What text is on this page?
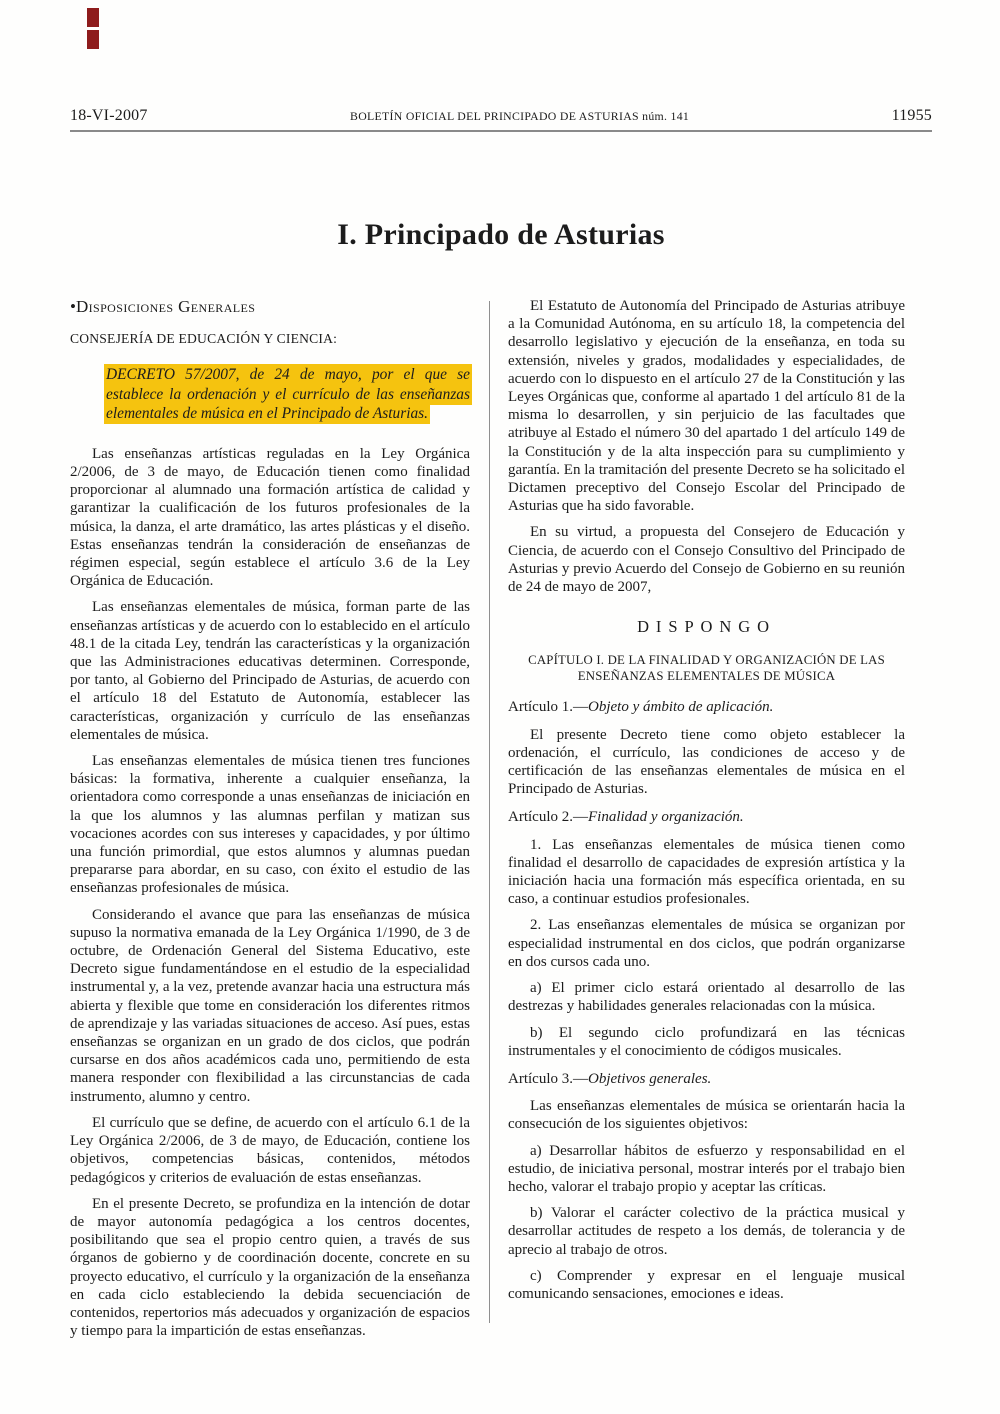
18-VI-2007	BOLETÍN OFICIAL DEL PRINCIPADO DE ASTURIAS núm. 141	11955
I. Principado de Asturias
•Disposiciones Generales
CONSEJERÍA DE EDUCACIÓN Y CIENCIA:
DECRETO 57/2007, de 24 de mayo, por el que se establece la ordenación y el currículo de las enseñanzas elementales de música en el Principado de Asturias.

Las enseñanzas artísticas reguladas en la Ley Orgánica 2/2006, de 3 de mayo, de Educación tienen como finalidad proporcionar al alumnado una formación artística de calidad y garantizar la cualificación de los futuros profesionales de la música, la danza, el arte dramático, las artes plásticas y el diseño. Estas enseñanzas tendrán la consideración de enseñanzas de régimen especial, según establece el artículo 3.6 de la Ley Orgánica de Educación.

Las enseñanzas elementales de música, forman parte de las enseñanzas artísticas y de acuerdo con lo establecido en el artículo 48.1 de la citada Ley, tendrán las características y la organización que las Administraciones educativas determinen. Corresponde, por tanto, al Gobierno del Principado de Asturias, de acuerdo con el artículo 18 del Estatuto de Autonomía, establecer las características, organización y currículo de las enseñanzas elementales de música.

Las enseñanzas elementales de música tienen tres funciones básicas: la formativa, inherente a cualquier enseñanza, la orientadora como corresponde a unas enseñanzas de iniciación en la que los alumnos y las alumnas perfilan y matizan sus vocaciones acordes con sus intereses y capacidades, y por último una función primordial, que estos alumnos y alumnas puedan prepararse para abordar, en su caso, con éxito el estudio de las enseñanzas profesionales de música.

Considerando el avance que para las enseñanzas de música supuso la normativa emanada de la Ley Orgánica 1/1990, de 3 de octubre, de Ordenación General del Sistema Educativo, este Decreto sigue fundamentándose en el estudio de la especialidad instrumental y, a la vez, pretende avanzar hacia una estructura más abierta y flexible que tome en consideración los diferentes ritmos de aprendizaje y las variadas situaciones de acceso. Así pues, estas enseñanzas se organizan en un grado de dos ciclos, que podrán cursarse en dos años académicos cada uno, permitiendo de esta manera responder con flexibilidad a las circunstancias de cada instrumento, alumno y centro.

El currículo que se define, de acuerdo con el artículo 6.1 de la Ley Orgánica 2/2006, de 3 de mayo, de Educación, contiene los objetivos, competencias básicas, contenidos, métodos pedagógicos y criterios de evaluación de estas enseñanzas.

En el presente Decreto, se profundiza en la intención de dotar de mayor autonomía pedagógica a los centros docentes, posibilitando que sea el propio centro quien, a través de sus órganos de gobierno y de coordinación docente, concrete en su proyecto educativo, el currículo y la organización de la enseñanza en cada ciclo estableciendo la debida secuenciación de contenidos, repertorios más adecuados y organización de espacios y tiempo para la impartición de estas enseñanzas.

El Estatuto de Autonomía del Principado de Asturias atribuye a la Comunidad Autónoma, en su artículo 18, la competencia del desarrollo legislativo y ejecución de la enseñanza, en toda su extensión, niveles y grados, modalidades y especialidades, de acuerdo con lo dispuesto en el artículo 27 de la Constitución y las Leyes Orgánicas que, conforme al apartado 1 del artículo 81 de la misma lo desarrollen, y sin perjuicio de las facultades que atribuye al Estado el número 30 del apartado 1 del artículo 149 de la Constitución y de la alta inspección para su cumplimiento y garantía. En la tramitación del presente Decreto se ha solicitado el Dictamen preceptivo del Consejo Escolar del Principado de Asturias que ha sido favorable.

En su virtud, a propuesta del Consejero de Educación y Ciencia, de acuerdo con el Consejo Consultivo del Principado de Asturias y previo Acuerdo del Consejo de Gobierno en su reunión de 24 de mayo de 2007,

DISPONGO

CAPÍTULO I. DE LA FINALIDAD Y ORGANIZACIÓN DE LAS ENSEÑANZAS ELEMENTALES DE MÚSICA

Artículo 1.—Objeto y ámbito de aplicación.

El presente Decreto tiene como objeto establecer la ordenación, el currículo, las condiciones de acceso y de certificación de las enseñanzas elementales de música en el Principado de Asturias.

Artículo 2.—Finalidad y organización.

1. Las enseñanzas elementales de música tienen como finalidad el desarrollo de capacidades de expresión artística y la iniciación hacia una formación más específica orientada, en su caso, a continuar estudios profesionales.

2. Las enseñanzas elementales de música se organizan por especialidad instrumental en dos ciclos, que podrán organizarse en dos cursos cada uno.

a) El primer ciclo estará orientado al desarrollo de las destrezas y habilidades generales relacionadas con la música.

b) El segundo ciclo profundizará en las técnicas instrumentales y el conocimiento de códigos musicales.

Artículo 3.—Objetivos generales.

Las enseñanzas elementales de música se orientarán hacia la consecución de los siguientes objetivos:

a) Desarrollar hábitos de esfuerzo y responsabilidad en el estudio, de iniciativa personal, mostrar interés por el trabajo bien hecho, valorar el trabajo propio y aceptar las críticas.

b) Valorar el carácter colectivo de la práctica musical y desarrollar actitudes de respeto a los demás, de tolerancia y de aprecio al trabajo de otros.

c) Comprender y expresar en el lenguaje musical comunicando sensaciones, emociones e ideas.
